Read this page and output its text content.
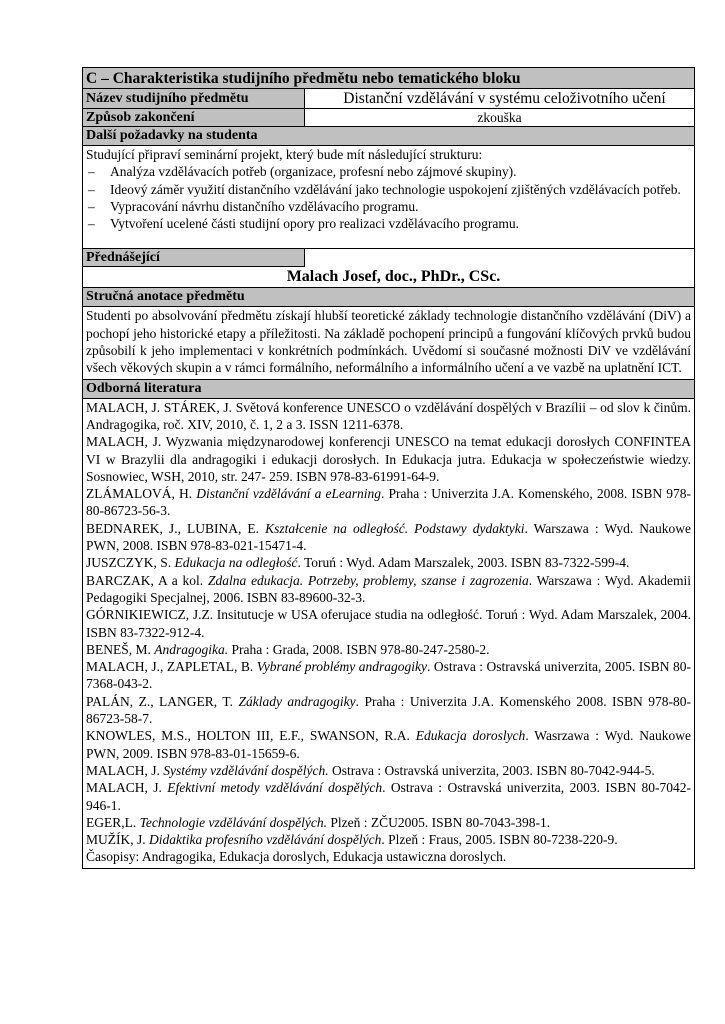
C – Charakteristika studijního předmětu nebo tematického bloku
Název studijního předmětu	Distanční vzdělávání v systému celoživotního učení
Způsob zakončení	zkouška
Další požadavky na studenta
Studující připraví seminární projekt, který bude mít následující strukturu:
– Analýza vzdělávacích potřeb (organizace, profesní nebo zájmové skupiny).
– Ideový záměr využití distančního vzdělávání jako technologie uspokojení zjištěných vzdělávacích potřeb.
– Vypracování návrhu distančního vzdělávacího programu.
– Vytvoření ucelené části studijní opory pro realizaci vzdělávacího programu.
Přednášející
Malach Josef, doc., PhDr., CSc.
Stručná anotace předmětu
Studenti po absolvování předmětu získají hlubší teoretické základy technologie distančního vzdělávání (DiV) a pochopí jeho historické etapy a příležitosti. Na základě pochopení principů a fungování klíčových prvků budou způsobilí k jeho implementaci v konkrétních podmínkách. Uvědomí si současné možnosti DiV ve vzdělávání všech věkových skupin a v rámci formálního, neformálního a informálního učení a ve vazbě na uplatnění ICT.
Odborná literatura

MALACH, J. STÁREK, J. Světová konference UNESCO o vzdělávání dospělých v Brazílii – od slov k činům. Andragogika, roč. XIV, 2010, č. 1, 2 a 3. ISSN 1211-6378.

MALACH, J. Wyzwania międzynarodowej konferencji UNESCO na temat edukacji dorosłych CONFINTEA VI w Brazylii dla andragogiki i edukacji dorosłych. In Edukacja jutra. Edukacja w społeczeństwie wiedzy. Sosnowiec, WSH, 2010, str. 247- 259. ISBN 978-83-61991-64-9.

ZLÁMALOVÁ, H. Distanční vzdělávání a eLearning. Praha : Univerzita J.A. Komenského, 2008. ISBN 978-80-86723-56-3.

BEDNAREK, J., LUBINA, E. Kształcenie na odległość. Podstawy dydaktyki. Warszawa : Wyd. Naukowe PWN, 2008. ISBN 978-83-021-15471-4.

JUSZCZYK, S. Edukacja na odległość. Toruń : Wyd. Adam Marszalek, 2003. ISBN 83-7322-599-4.

BARCZAK, A a kol. Zdalna edukacja. Potrzeby, problemy, szanse i zagrozenia. Warszawa : Wyd. Akademii Pedagogiki Specjalnej, 2006. ISBN 83-89600-32-3.

GÓRNIKIEWICZ, J.Z. Insitutucje w USA oferujace studia na odległość. Toruń : Wyd. Adam Marszalek, 2004. ISBN 83-7322-912-4.

BENEŠ, M. Andragogika. Praha : Grada, 2008. ISBN 978-80-247-2580-2.

MALACH, J., ZAPLETAL, B. Vybrané problémy andragogiky. Ostrava : Ostravská univerzita, 2005. ISBN 80-7368-043-2.

PALÁN, Z., LANGER, T. Základy andragogiky. Praha : Univerzita J.A. Komenského 2008. ISBN 978-80-86723-58-7.

KNOWLES, M.S., HOLTON III, E.F., SWANSON, R.A. Edukacja doroslych. Wasrzawa : Wyd. Naukowe PWN, 2009. ISBN 978-83-01-15659-6.

MALACH, J. Systémy vzdělávání dospělých. Ostrava : Ostravská univerzita, 2003. ISBN 80-7042-944-5.

MALACH, J. Efektivní metody vzdělávání dospělých. Ostrava : Ostravská univerzita, 2003. ISBN 80-7042-946-1.

EGER,L. Technologie vzdělávání dospělých. Plzeň : ZČU2005. ISBN 80-7043-398-1.

MUŽÍK, J. Didaktika profesního vzdělávání dospělých. Plzeň : Fraus, 2005. ISBN 80-7238-220-9.

Časopisy: Andragogika, Edukacja doroslych, Edukacja ustawiczna doroslych.
